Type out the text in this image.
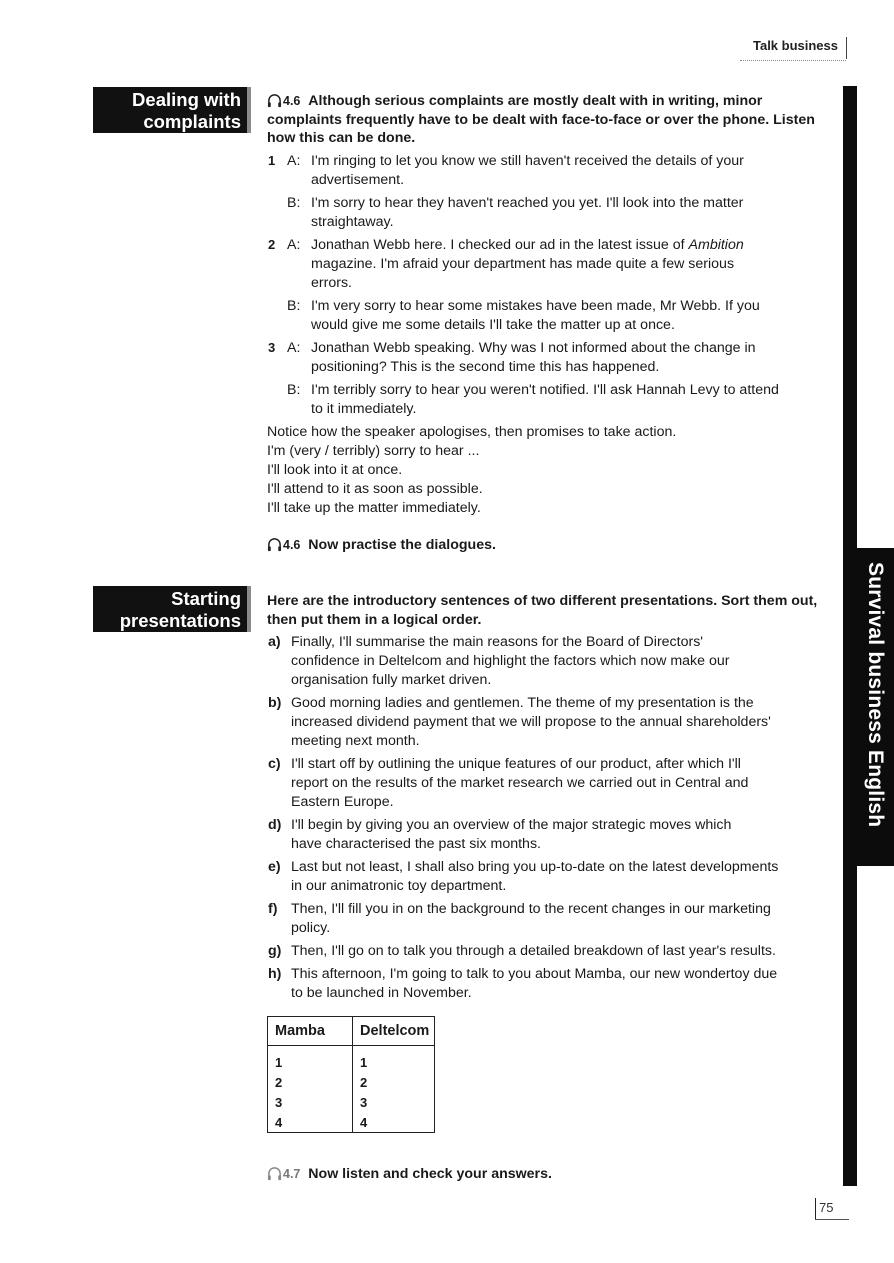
Talk business
Survival business English
Dealing with
complaints
4.6 Although serious complaints are mostly dealt with in writing, minor
complaints frequently have to be dealt with face-to-face or over the phone. Listen
how this can be done.
1 A: I'm ringing to let you know we still haven't received the details of your
advertisement.
B: I'm sorry to hear they haven't reached you yet. I'll look into the matter
straightaway.
2 A: Jonathan Webb here. I checked our ad in the latest issue of Ambition
magazine. I'm afraid your department has made quite a few serious
errors.
B: I'm very sorry to hear some mistakes have been made, Mr Webb. If you
would give me some details I'll take the matter up at once.
3 A: Jonathan Webb speaking. Why was I not informed about the change in
positioning? This is the second time this has happened.
B: I'm terribly sorry to hear you weren't notified. I'll ask Hannah Levy to attend
to it immediately.
Notice how the speaker apologises, then promises to take action.
I'm (very / terribly) sorry to hear ...
I'll look into it at once.
I'll attend to it as soon as possible.
I'll take up the matter immediately.
4.6 Now practise the dialogues.
Starting
presentations
Here are the introductory sentences of two different presentations. Sort them out,
then put them in a logical order.
a) Finally, I'll summarise the main reasons for the Board of Directors'
confidence in Deltelcom and highlight the factors which now make our
organisation fully market driven.
b) Good morning ladies and gentlemen. The theme of my presentation is the
increased dividend payment that we will propose to the annual shareholders'
meeting next month.
c) I'll start off by outlining the unique features of our product, after which I'll
report on the results of the market research we carried out in Central and
Eastern Europe.
d) I'll begin by giving you an overview of the major strategic moves which
have characterised the past six months.
e) Last but not least, I shall also bring you up-to-date on the latest developments
in our animatronic toy department.
f) Then, I'll fill you in on the background to the recent changes in our marketing
policy.
g) Then, I'll go on to talk you through a detailed breakdown of last year's results.
h) This afternoon, I'm going to talk to you about Mamba, our new wondertoy due
to be launched in November.
Mamba	Deltelcom
1	1
2	2
3	3
4	4
4.7 Now listen and check your answers.
75
